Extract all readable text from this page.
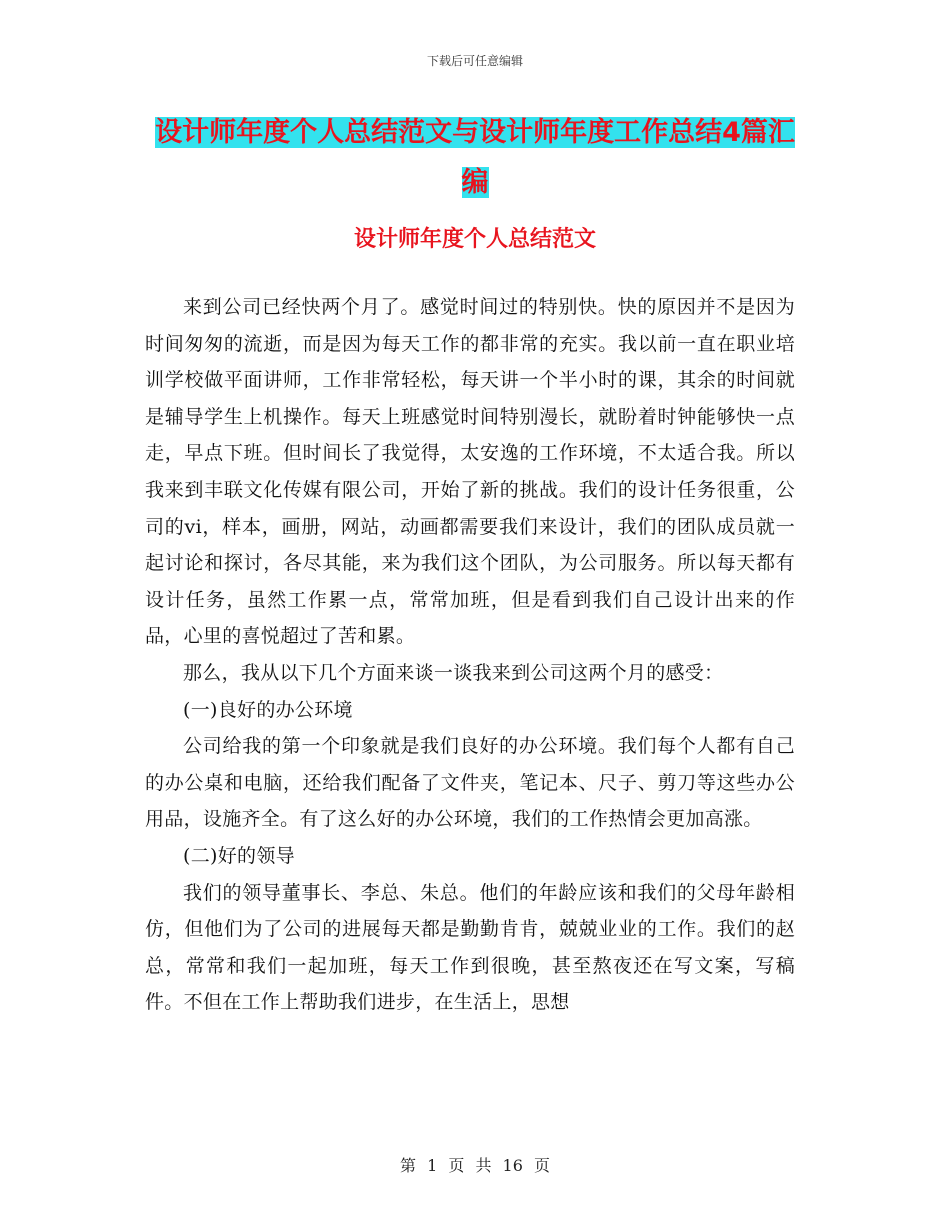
下载后可任意编辑
设计师年度个人总结范文与设计师年度工作总结4篇汇编
设计师年度个人总结范文

来到公司已经快两个月了。感觉时间过的特别快。快的原因并不是因为时间匆匆的流逝，而是因为每天工作的都非常的充实。我以前一直在职业培训学校做平面讲师，工作非常轻松，每天讲一个半小时的课，其余的时间就是辅导学生上机操作。每天上班感觉时间特别漫长，就盼着时钟能够快一点走，早点下班。但时间长了我觉得，太安逸的工作环境，不太适合我。所以我来到丰联文化传媒有限公司，开始了新的挑战。我们的设计任务很重，公司的vi，样本，画册，网站，动画都需要我们来设计，我们的团队成员就一起讨论和探讨，各尽其能，来为我们这个团队，为公司服务。所以每天都有设计任务，虽然工作累一点，常常加班，但是看到我们自己设计出来的作品，心里的喜悦超过了苦和累。

那么，我从以下几个方面来谈一谈我来到公司这两个月的感受：

(一)良好的办公环境

公司给我的第一个印象就是我们良好的办公环境。我们每个人都有自己的办公桌和电脑，还给我们配备了文件夹，笔记本、尺子、剪刀等这些办公用品，设施齐全。有了这么好的办公环境，我们的工作热情会更加高涨。

(二)好的领导

我们的领导董事长、李总、朱总。他们的年龄应该和我们的父母年龄相仿，但他们为了公司的进展每天都是勤勤肯肯，兢兢业业的工作。我们的赵总，常常和我们一起加班，每天工作到很晚，甚至熬夜还在写文案，写稿件。不但在工作上帮助我们进步，在生活上，思想

第 1 页 共 16 页
